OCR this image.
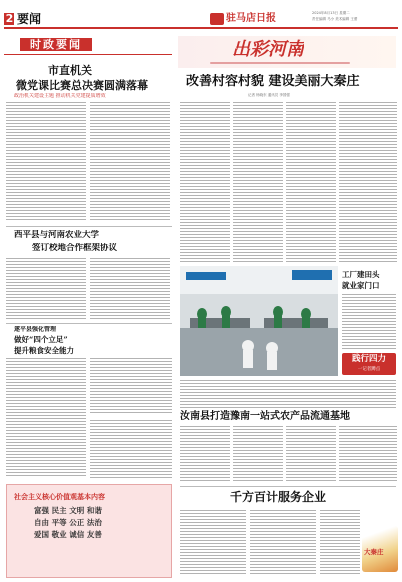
2 要闻	驻马店日报	2024年8月13日 星期二
责任编辑 马小 美术编辑 王蕾
时政要闻
市直机关
微党课比赛总决赛圆满落幕
政治机关建设主题 推动机关党建提质增效
西平县与河南农业大学
签订校地合作框架协议
遂平县强化管理
做好“四个立足”
提升粮食安全能力
出彩河南
改善村容村貌 建设美丽大秦庄
记者 杨晓东 通讯员 李国强
工厂建田头
就业家门口
践行四力
一记者蹲点
汝南县打造豫南一站式农产品流通基地
千方百计服务企业
大秦庄
社会主义核心价值观基本内容
富强 民主 文明 和谐
自由 平等 公正 法治
爱国 敬业 诚信 友善
